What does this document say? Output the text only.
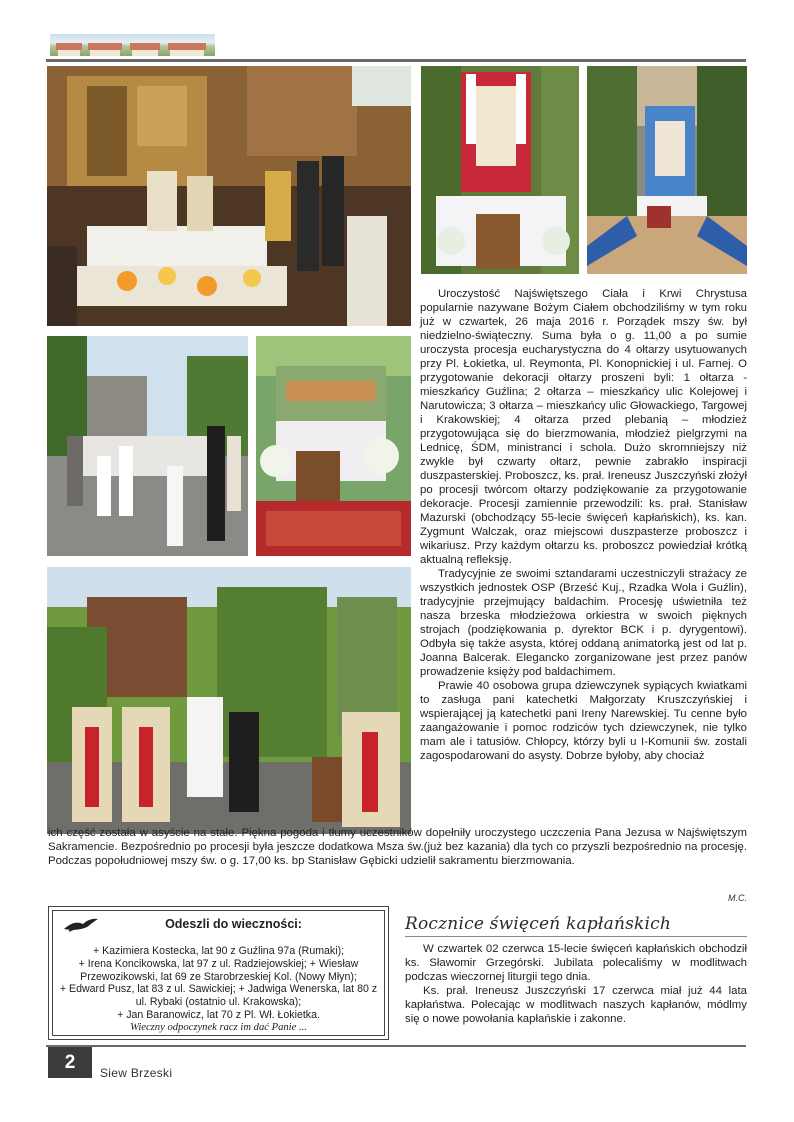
Uroczystość Najświętszego Ciała i Krwi Chrystusa popularnie nazywane Bożym Ciałem obchodziliśmy w tym roku już w czwartek, 26 maja 2016 r. Porządek mszy św. był niedzielno-świąteczny. Suma była o g. 11,00 a po sumie uroczysta procesja eucharystyczna do 4 ołtarzy usytuowanych przy Pl. Łokietka, ul. Reymonta, Pl. Konopnickiej i ul. Farnej. O przygotowanie dekoracji ołtarzy proszeni byli: 1 ołtarza - mieszkańcy Guźlina; 2 ołtarza – mieszkańcy ulic Kolejowej i Narutowicza; 3 ołtarza – mieszkańcy ulic Głowackiego, Targowej i Krakowskiej; 4 ołtarza przed plebanią – młodzież przygotowująca się do bierzmowania, młodzież pielgrzymi na Lednicę, ŚDM, ministranci i schola. Dużo skromniejszy niż zwykle był czwarty ołtarz, pewnie zabrakło inspiracji duszpasterskiej. Proboszcz, ks. prał. Ireneusz Juszczyński złożył po procesji twórcom ołtarzy podziękowanie za przygotowanie dekoracje. Procesji zamiennie przewodzili: ks. prał. Stanisław Mazurski (obchodzący 55-lecie święceń kapłańskich), ks. kan. Zygmunt Walczak, oraz miejscowi duszpasterze proboszcz i wikariusz. Przy każdym ołtarzu ks. proboszcz powiedział krótką aktualną refleksję.

Tradycyjnie ze swoimi sztandarami uczestniczyli strażacy ze wszystkich jednostek OSP (Brześć Kuj., Rzadka Wola i Guźlin), tradycyjnie przejmujący baldachim. Procesję uświetniła też nasza brzeska młodzieżowa orkiestra w swoich pięknych strojach (podziękowania p. dyrektor BCK i p. dyrygentowi). Odbyła się także asysta, której oddaną animatorką jest od lat p. Joanna Balcerak. Elegancko zorganizowane jest przez panów prowadzenie księży pod baldachimem.

Prawie 40 osobowa grupa dziewczynek sypiących kwiatkami to zasługa pani katechetki Małgorzaty Kruszczyńskiej i wspierającej ją katechetki pani Ireny Narewskiej. Tu cenne było zaangażowanie i pomoc rodziców tych dziewczynek, nie tylko mam ale i tatusiów. Chłopcy, którzy byli u I-Komunii św. zostali zagospodarowani do asysty. Dobrze byłoby, aby chociaż

ich część została w asyście na stałe. Piękna pogoda i tłumy uczestników dopełniły uroczystego uczczenia Pana Jezusa w Najświętszym Sakramencie. Bezpośrednio po procesji była jeszcze dodatkowa Msza św.(już bez kazania) dla tych co przyszli bezpośrednio na procesję. Podczas popołudniowej mszy św. o g. 17,00 ks. bp Stanisław Gębicki udzielił sakramentu bierzmowania.
M.C.
Odeszli do wieczności:
+ Kazimiera Kostecka, lat 90 z Guźlina 97a (Rumaki);
+ Irena Koncikowska, lat 97 z ul. Radziejowskiej; + Wiesław Przewozikowski, lat 69 ze Starobrzeskiej Kol. (Nowy Młyn);
+ Edward Pusz, lat 83 z ul. Sawickiej; + Jadwiga Wenerska, lat 80 z ul. Rybaki (ostatnio ul. Krakowska);
+ Jan Baranowicz, lat 70 z Pl. Wł. Łokietka.
Wieczny odpoczynek racz im dać Panie ...
Rocznice święceń kapłańskich

W czwartek 02 czerwca 15-lecie święceń kapłańskich obchodził ks. Sławomir Grzegórski. Jubilata polecaliśmy w modlitwach podczas wieczornej liturgii tego dnia.

Ks. prał. Ireneusz Juszczyński 17 czerwca miał już 44 lata kapłaństwa. Polecając w modlitwach naszych kapłanów, módlmy się o nowe powołania kapłańskie i zakonne.

2	Siew Brzeski
